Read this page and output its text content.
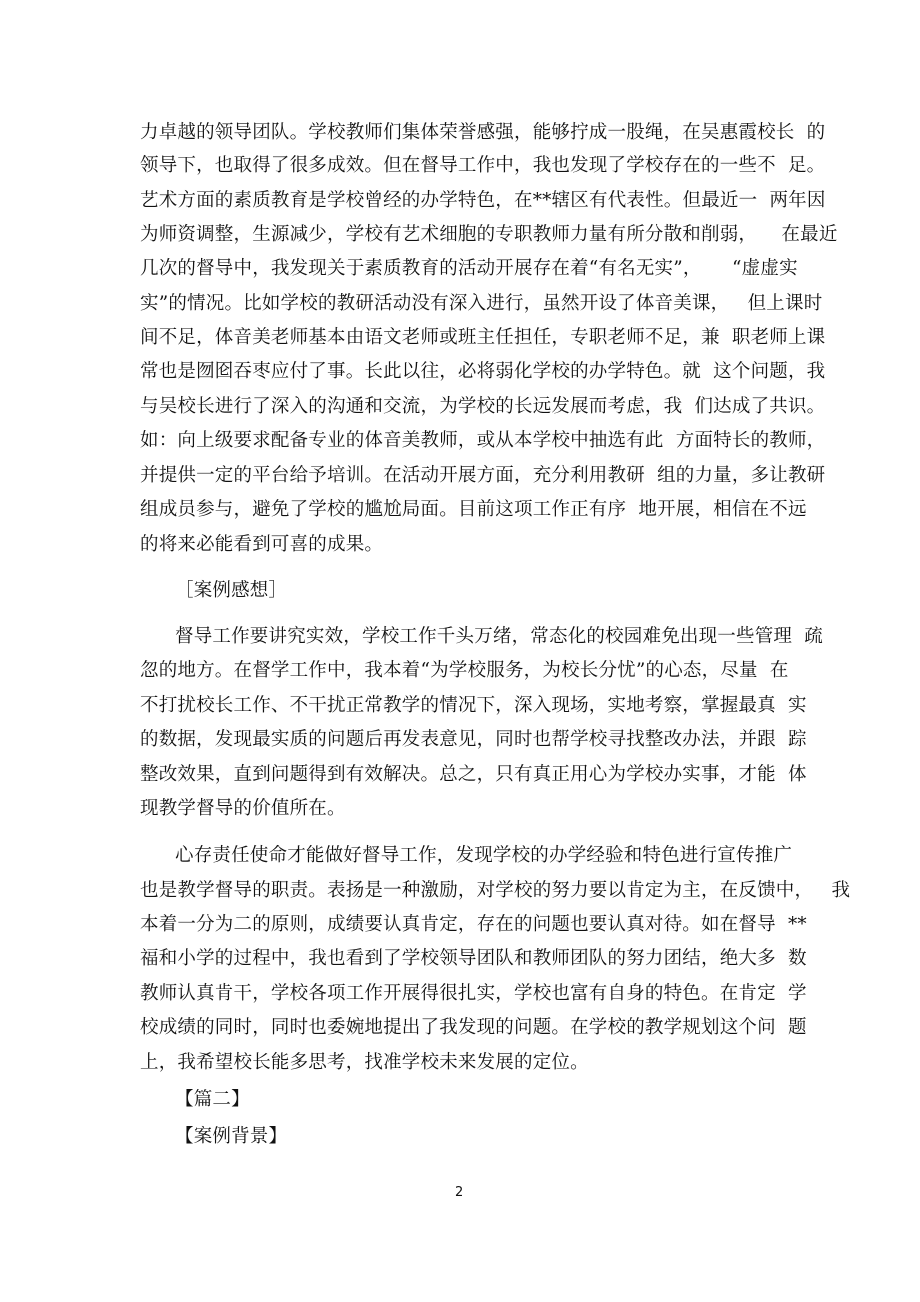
力卓越的领导团队。学校教师们集体荣誉感强，能够拧成一股绳，在吴惠霞校长  的
领导下，也取得了很多成效。但在督导工作中，我也发现了学校存在的一些不  足。
艺术方面的素质教育是学校曾经的办学特色，在**辖区有代表性。但最近一  两年因
为师资调整，生源减少，学校有艺术细胞的专职教师力量有所分散和削弱，    在最近
几次的督导中，我发现关于素质教育的活动开展存在着“有名无实”，     “虚虚实
实”的情况。比如学校的教研活动没有深入进行，虽然开设了体音美课，   但上课时
间不足，体音美老师基本由语文老师或班主任担任，专职老师不足，兼  职老师上课
常也是囫囵吞枣应付了事。长此以往，必将弱化学校的办学特色。就  这个问题，我
与吴校长进行了深入的沟通和交流，为学校的长远发展而考虑，我  们达成了共识。
如：向上级要求配备专业的体音美教师，或从本学校中抽选有此  方面特长的教师，
并提供一定的平台给予培训。在活动开展方面，充分利用教研  组的力量，多让教研
组成员参与，避免了学校的尴尬局面。目前这项工作正有序  地开展，相信在不远
的将来必能看到可喜的成果。
［案例感想］
督导工作要讲究实效，学校工作千头万绪，常态化的校园难免出现一些管理  疏
忽的地方。在督学工作中，我本着“为学校服务，为校长分忧”的心态，尽量  在
不打扰校长工作、不干扰正常教学的情况下，深入现场，实地考察，掌握最真  实
的数据，发现最实质的问题后再发表意见，同时也帮学校寻找整改办法，并跟  踪
整改效果，直到问题得到有效解决。总之，只有真正用心为学校办实事，才能  体
现教学督导的价值所在。
心存责任使命才能做好督导工作，发现学校的办学经验和特色进行宣传推广
也是教学督导的职责。表扬是一种激励，对学校的努力要以肯定为主，在反馈中，   我
本着一分为二的原则，成绩要认真肯定，存在的问题也要认真对待。如在督导  **
福和小学的过程中，我也看到了学校领导团队和教师团队的努力团结，绝大多  数
教师认真肯干，学校各项工作开展得很扎实，学校也富有自身的特色。在肯定  学
校成绩的同时，同时也委婉地提出了我发现的问题。在学校的教学规划这个问  题
上，我希望校长能多思考，找准学校未来发展的定位。
【篇二】
【案例背景】
2
